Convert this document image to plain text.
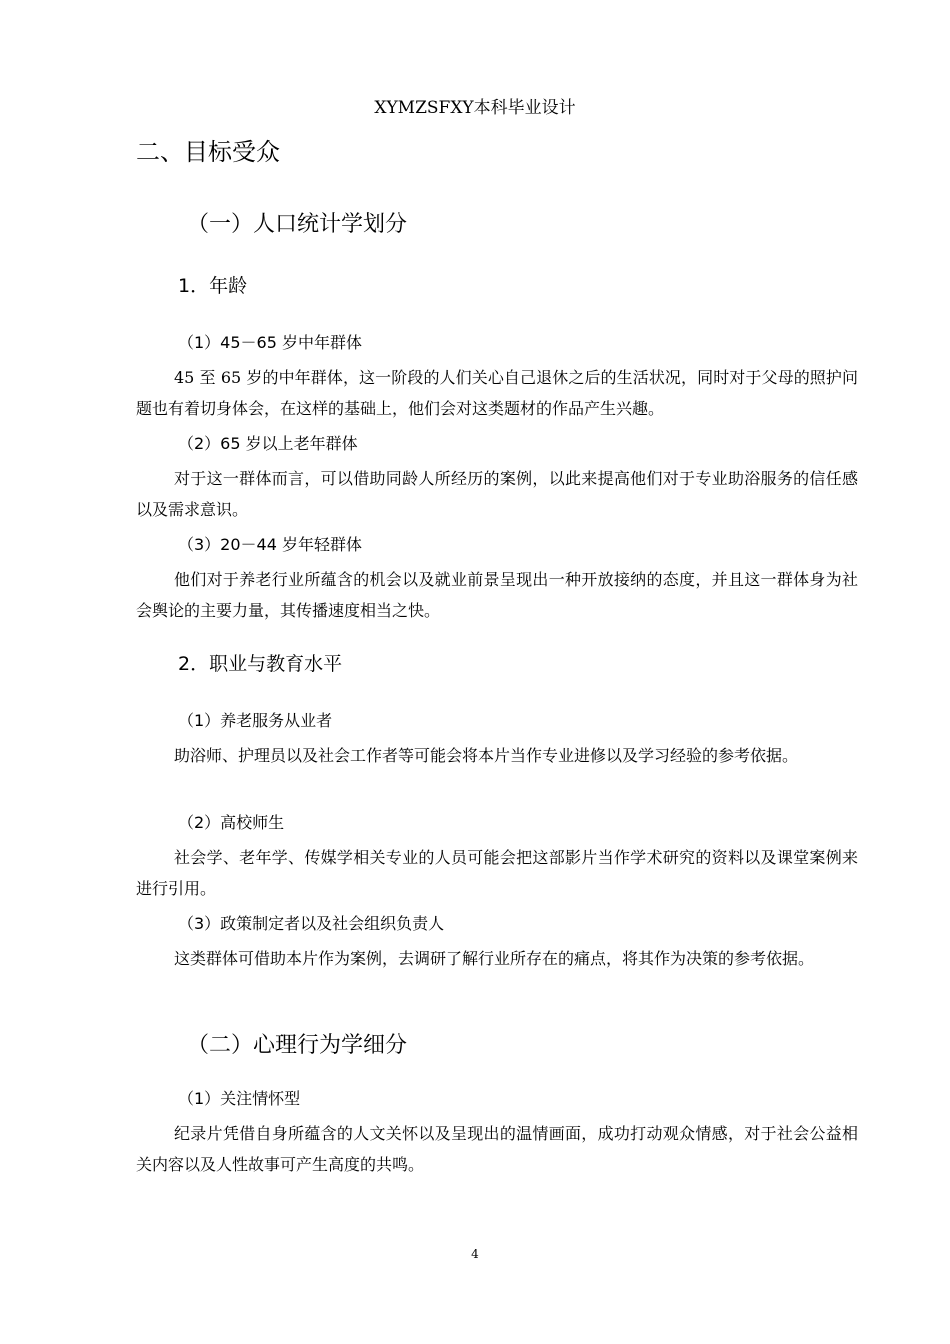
XYMZSFXY本科毕业设计
二、目标受众
（一）人口统计学划分
1．年龄
（1）45－65 岁中年群体

45 至 65 岁的中年群体，这一阶段的人们关心自己退休之后的生活状况，同时对于父母的照护问题也有着切身体会，在这样的基础上，他们会对这类题材的作品产生兴趣。

（2）65 岁以上老年群体

对于这一群体而言，可以借助同龄人所经历的案例，以此来提高他们对于专业助浴服务的信任感以及需求意识。

（3）20－44 岁年轻群体

他们对于养老行业所蕴含的机会以及就业前景呈现出一种开放接纳的态度，并且这一群体身为社会舆论的主要力量，其传播速度相当之快。

2．职业与教育水平
（1）养老服务从业者

助浴师、护理员以及社会工作者等可能会将本片当作专业进修以及学习经验的参考依据。

（2）高校师生

社会学、老年学、传媒学相关专业的人员可能会把这部影片当作学术研究的资料以及课堂案例来进行引用。

（3）政策制定者以及社会组织负责人

这类群体可借助本片作为案例，去调研了解行业所存在的痛点，将其作为决策的参考依据。

（二）心理行为学细分
（1）关注情怀型

纪录片凭借自身所蕴含的人文关怀以及呈现出的温情画面，成功打动观众情感，对于社会公益相关内容以及人性故事可产生高度的共鸣。

4
